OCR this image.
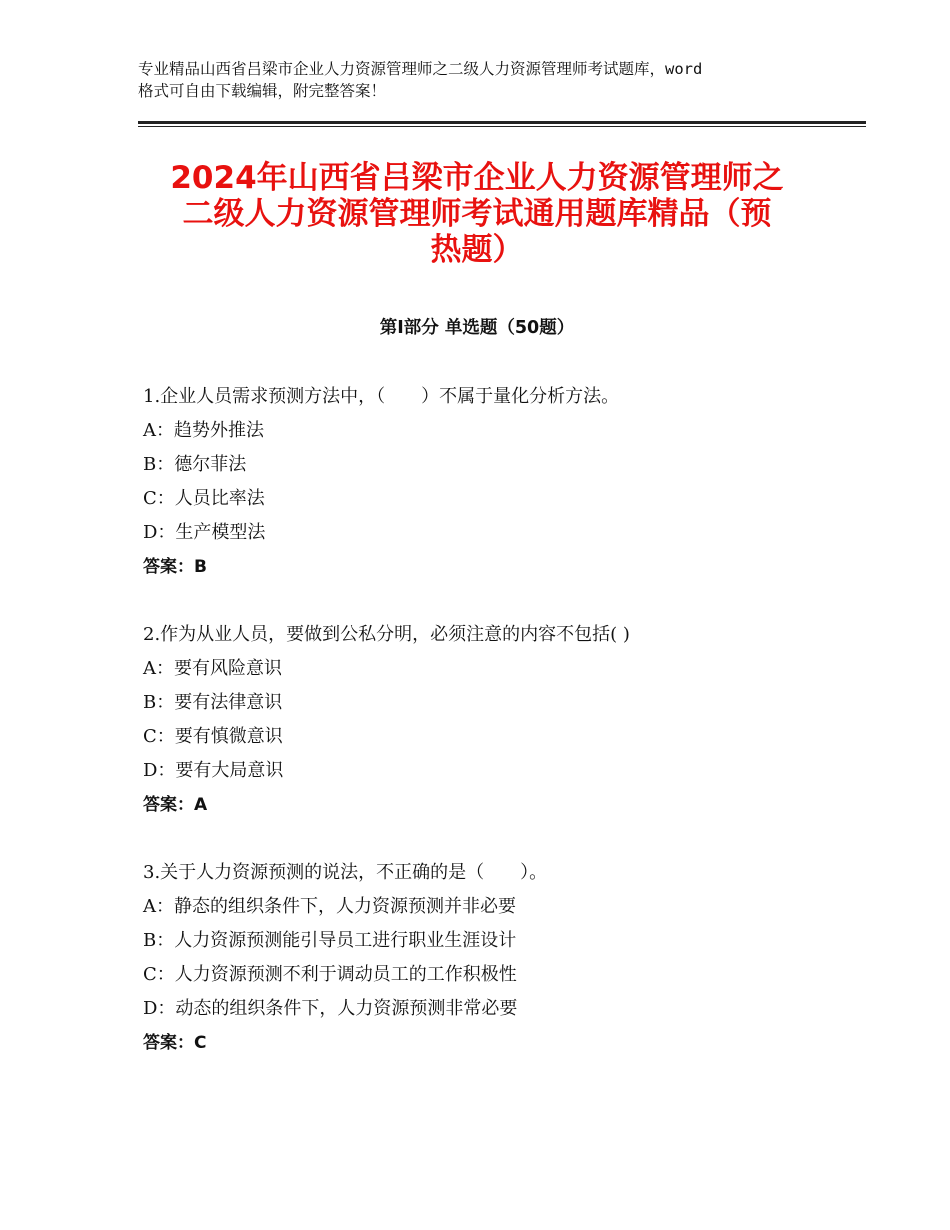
专业精品山西省吕梁市企业人力资源管理师之二级人力资源管理师考试题库，word
格式可自由下载编辑，附完整答案！
2024年山西省吕梁市企业人力资源管理师之
二级人力资源管理师考试通用题库精品（预
热题）
第Ⅰ部分 单选题（50题）
1.企业人员需求预测方法中，（　　）不属于量化分析方法。
A：趋势外推法
B：德尔菲法
C：人员比率法
D：生产模型法
答案：B
2.作为从业人员，要做到公私分明，必须注意的内容不包括( )
A：要有风险意识
B：要有法律意识
C：要有慎微意识
D：要有大局意识
答案：A
3.关于人力资源预测的说法，不正确的是（　　）。
A：静态的组织条件下，人力资源预测并非必要
B：人力资源预测能引导员工进行职业生涯设计
C：人力资源预测不利于调动员工的工作积极性
D：动态的组织条件下，人力资源预测非常必要
答案：C
